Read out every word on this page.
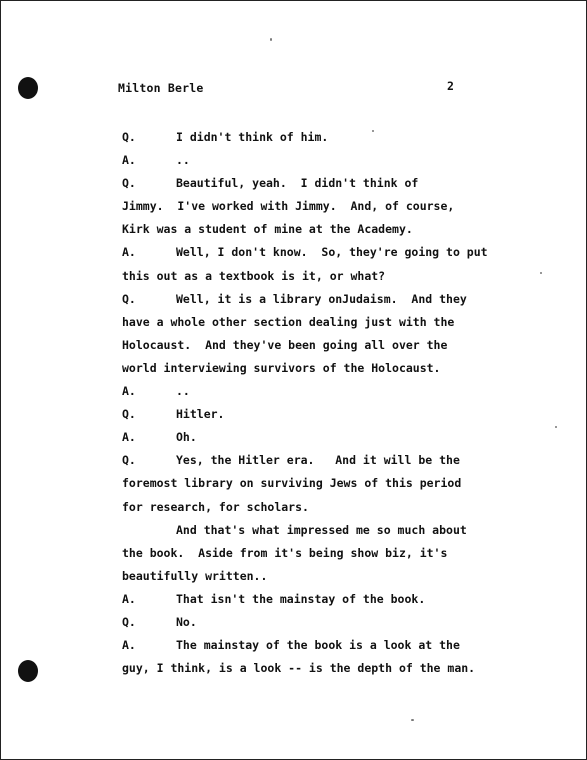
Milton Berle	2
Q.	I didn't think of him.
A.	..
Q.	Beautiful, yeah.  I didn't think of
Jimmy.  I've worked with Jimmy.  And, of course,
Kirk was a student of mine at the Academy.
A.	Well, I don't know.  So, they're going to put
this out as a textbook is it, or what?
Q.	Well, it is a library onJudaism.  And they
have a whole other section dealing just with the
Holocaust.  And they've been going all over the
world interviewing survivors of the Holocaust.
A.	..
Q.	Hitler.
A.	Oh.
Q.	Yes, the Hitler era.   And it will be the
foremost library on surviving Jews of this period
for research, for scholars.
And that's what impressed me so much about
the book.  Aside from it's being show biz, it's
beautifully written..
A.	That isn't the mainstay of the book.
Q.	No.
A.	The mainstay of the book is a look at the
guy, I think, is a look -- is the depth of the man.
